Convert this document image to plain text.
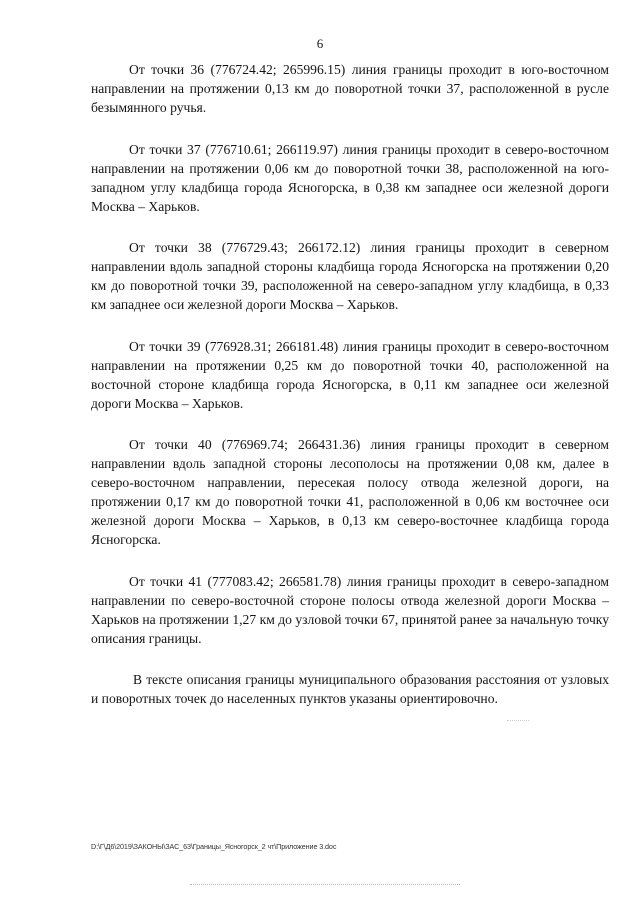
6

От точки 36 (776724.42; 265996.15) линия границы проходит в юго-восточном направлении на протяжении 0,13 км до поворотной точки 37, расположенной в русле безымянного ручья.

От точки 37 (776710.61; 266119.97) линия границы проходит в северо-восточном направлении на протяжении 0,06 км до поворотной точки 38, расположенной на юго-западном углу кладбища города Ясногорска, в 0,38 км западнее оси железной дороги Москва – Харьков.

От точки 38 (776729.43; 266172.12) линия границы проходит в северном направлении вдоль западной стороны кладбища города Ясногорска на протяжении 0,20 км до поворотной точки 39, расположенной на северо-западном углу кладбища, в 0,33 км западнее оси железной дороги Москва – Харьков.

От точки 39 (776928.31; 266181.48) линия границы проходит в северо-восточном направлении на протяжении 0,25 км до поворотной точки 40, расположенной на восточной стороне кладбища города Ясногорска, в 0,11 км западнее оси железной дороги Москва – Харьков.

От точки 40 (776969.74; 266431.36) линия границы проходит в северном направлении вдоль западной стороны лесополосы на протяжении 0,08 км, далее в северо-восточном направлении, пересекая полосу отвода железной дороги, на протяжении 0,17 км до поворотной точки 41, расположенной в 0,06 км восточнее оси железной дороги Москва – Харьков, в 0,13 км северо-восточнее кладбища города Ясногорска.

От точки 41 (777083.42; 266581.78) линия границы проходит в северо-западном направлении по северо-восточной стороне полосы отвода железной дороги Москва – Харьков на протяжении 1,27 км до узловой точки 67, принятой ранее за начальную точку описания границы.

В тексте описания границы муниципального образования расстояния от узловых и поворотных точек до населенных пунктов указаны ориентировочно.

D:\Г\Д6\2019\ЗАКОНЫ\ЗАС_63\Границы_Ясногорск_2 чт\Приложение 3.doc
